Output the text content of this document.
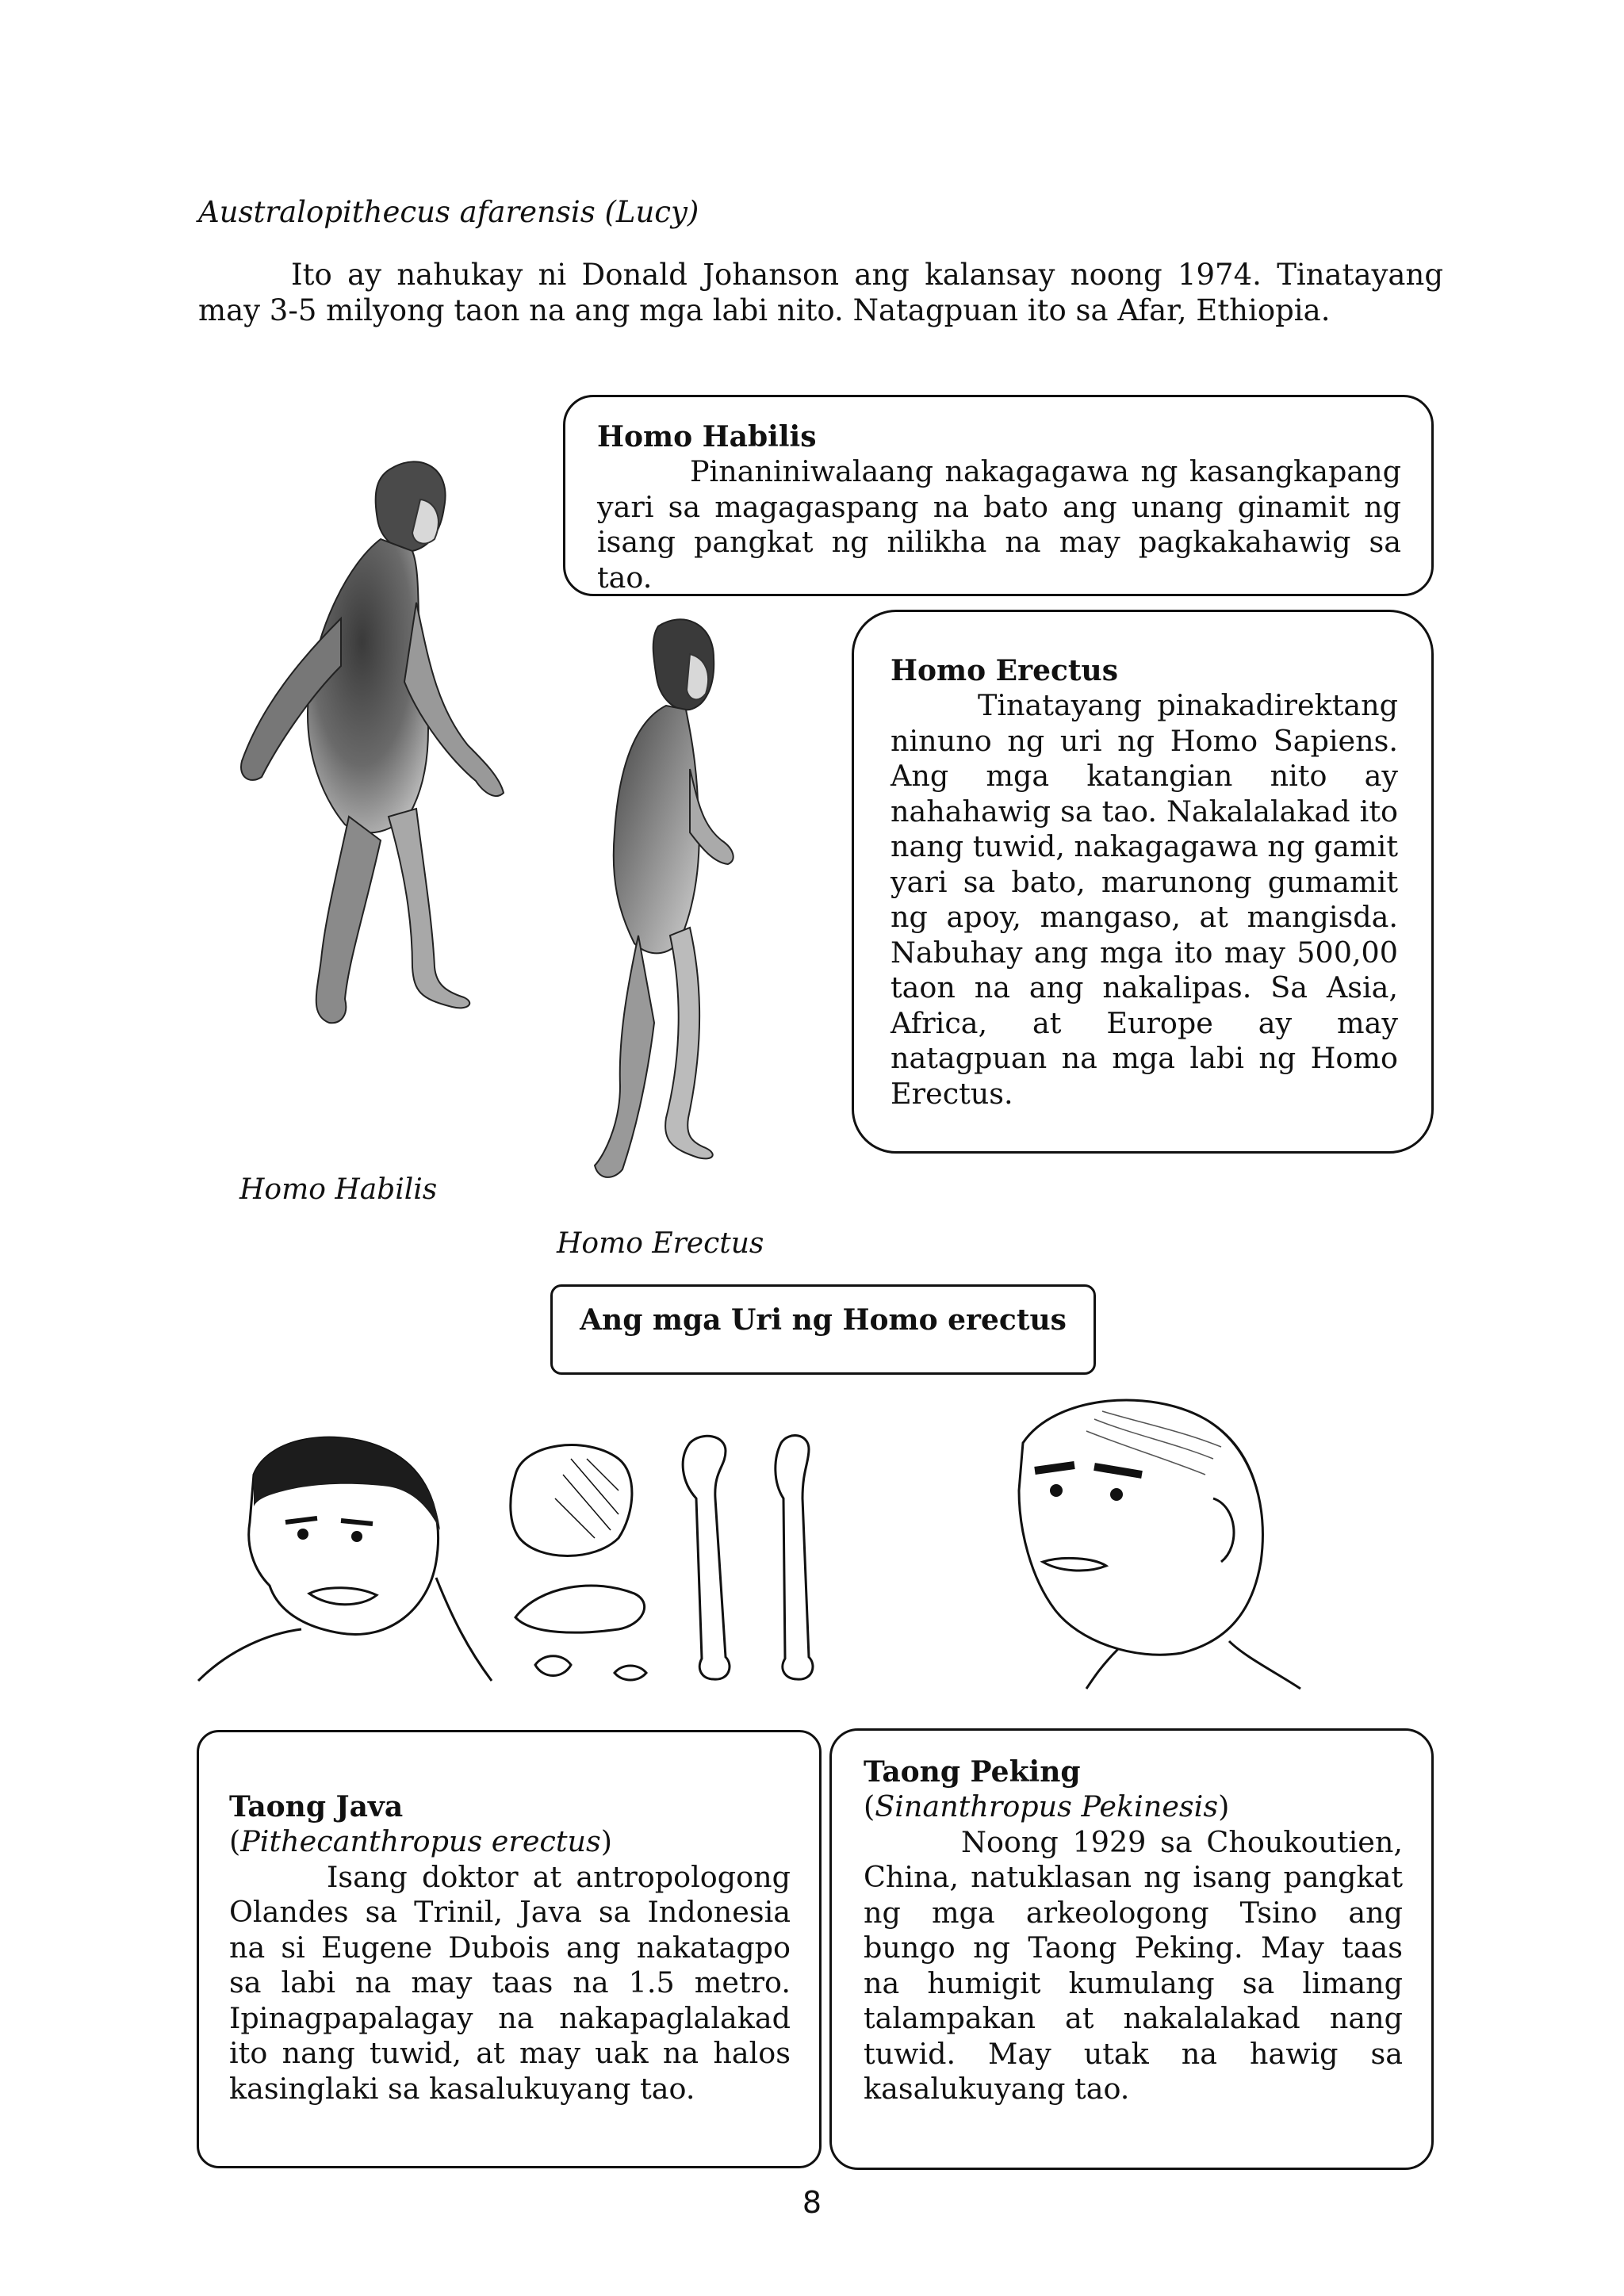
Australopithecus afarensis (Lucy)
Ito ay nahukay ni Donald Johanson ang kalansay noong 1974. Tinatayang may 3-5 milyong taon na ang mga labi nito. Natagpuan ito sa Afar, Ethiopia.
Homo Habilis
Pinaniniwalaang nakagagawa ng kasangkapang yari sa magagaspang na bato ang unang ginamit ng isang pangkat ng nilikha na may pagkakahawig sa tao.
Homo Erectus
Tinatayang pinakadirektang ninuno ng uri ng Homo Sapiens. Ang mga katangian nito ay nahahawig sa tao. Nakalalakad ito nang tuwid, nakagagawa ng gamit yari sa bato, marunong gumamit ng apoy, mangaso, at mangisda. Nabuhay ang mga ito may 500,00 taon na ang nakalipas. Sa Asia, Africa, at Europe ay may natagpuan na mga labi ng Homo Erectus.
Homo Habilis
Homo Erectus
Ang mga Uri ng Homo erectus
Taong Java
(Pithecanthropus erectus)
Isang doktor at antropologong Olandes sa Trinil, Java sa Indonesia na si Eugene Dubois ang nakatagpo sa labi na may taas na 1.5 metro. Ipinagpapalagay na nakapaglalakad ito nang tuwid, at may uak na halos kasinglaki sa kasalukuyang tao.
Taong Peking
(Sinanthropus Pekinesis)
Noong 1929 sa Choukoutien, China, natuklasan ng isang pangkat ng mga arkeologong Tsino ang bungo ng Taong Peking. May taas na humigit kumulang sa limang talampakan at nakalalakad nang tuwid. May utak na hawig sa kasalukuyang tao.
8
